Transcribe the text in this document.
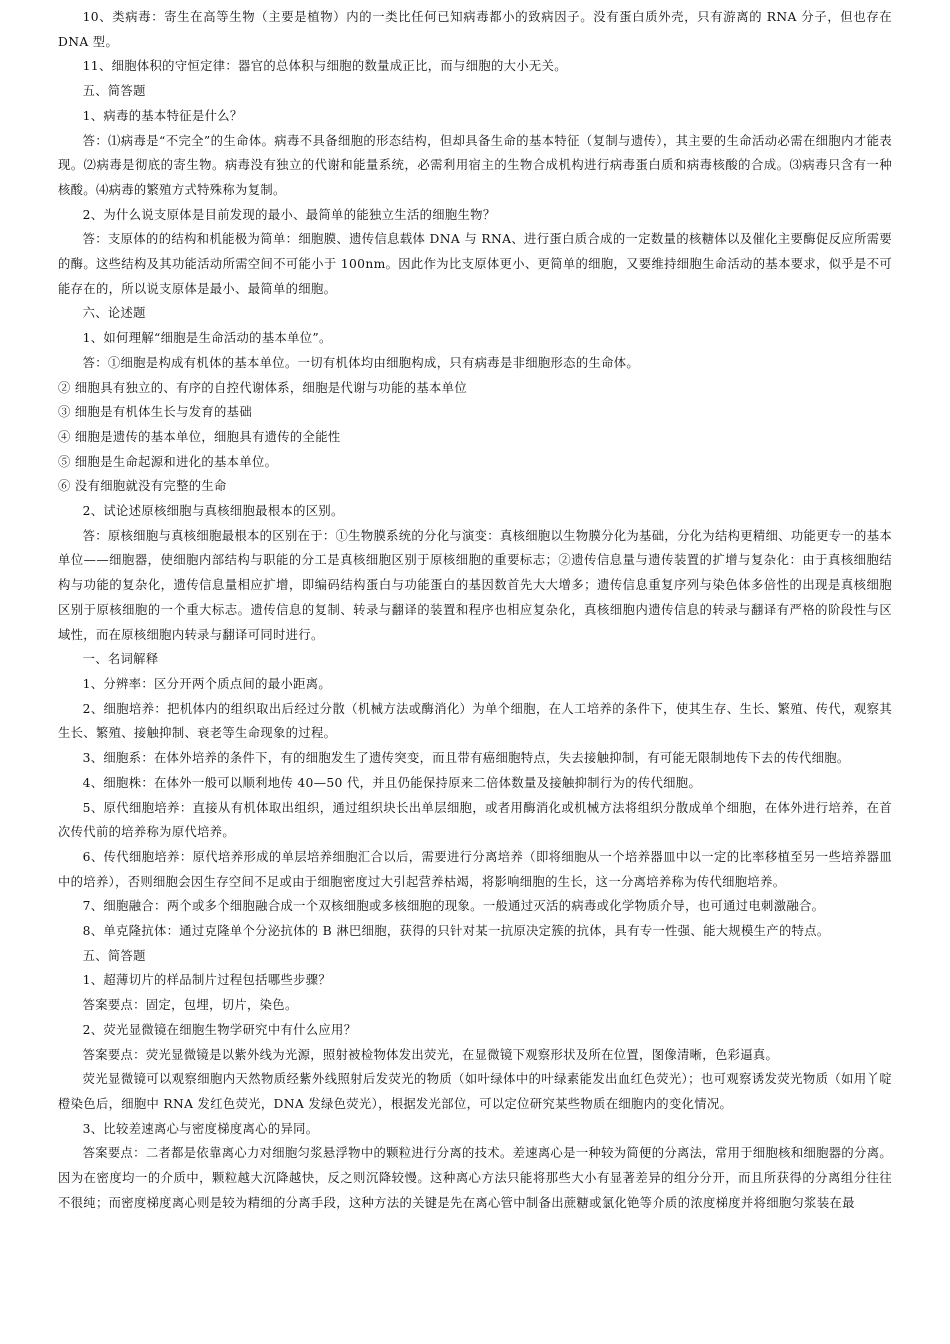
10、类病毒：寄生在高等生物（主要是植物）内的一类比任何已知病毒都小的致病因子。没有蛋白质外壳，只有游离的 RNA 分子，但也存在 DNA 型。

11、细胞体积的守恒定律：器官的总体积与细胞的数量成正比，而与细胞的大小无关。

五、简答题

1、病毒的基本特征是什么？

答：⑴病毒是“不完全”的生命体。病毒不具备细胞的形态结构，但却具备生命的基本特征（复制与遗传），其主要的生命活动必需在细胞内才能表现。⑵病毒是彻底的寄生物。病毒没有独立的代谢和能量系统，必需利用宿主的生物合成机构进行病毒蛋白质和病毒核酸的合成。⑶病毒只含有一种核酸。⑷病毒的繁殖方式特殊称为复制。

2、为什么说支原体是目前发现的最小、最简单的能独立生活的细胞生物？

答：支原体的的结构和机能极为简单：细胞膜、遗传信息载体 DNA 与 RNA、进行蛋白质合成的一定数量的核糖体以及催化主要酶促反应所需要的酶。这些结构及其功能活动所需空间不可能小于 100nm。因此作为比支原体更小、更简单的细胞，又要维持细胞生命活动的基本要求，似乎是不可能存在的，所以说支原体是最小、最简单的细胞。

六、论述题

1、如何理解“细胞是生命活动的基本单位”。

答：①细胞是构成有机体的基本单位。一切有机体均由细胞构成，只有病毒是非细胞形态的生命体。

② 细胞具有独立的、有序的自控代谢体系，细胞是代谢与功能的基本单位

③ 细胞是有机体生长与发育的基础

④ 细胞是遗传的基本单位，细胞具有遗传的全能性

⑤ 细胞是生命起源和进化的基本单位。

⑥ 没有细胞就没有完整的生命

2、试论述原核细胞与真核细胞最根本的区别。

答：原核细胞与真核细胞最根本的区别在于：①生物膜系统的分化与演变：真核细胞以生物膜分化为基础，分化为结构更精细、功能更专一的基本单位——细胞器，使细胞内部结构与职能的分工是真核细胞区别于原核细胞的重要标志；②遗传信息量与遗传装置的扩增与复杂化：由于真核细胞结构与功能的复杂化，遗传信息量相应扩增，即编码结构蛋白与功能蛋白的基因数首先大大增多；遗传信息重复序列与染色体多倍性的出现是真核细胞区别于原核细胞的一个重大标志。遗传信息的复制、转录与翻译的装置和程序也相应复杂化，真核细胞内遗传信息的转录与翻译有严格的阶段性与区域性，而在原核细胞内转录与翻译可同时进行。

一、名词解释

1、分辨率：区分开两个质点间的最小距离。

2、细胞培养：把机体内的组织取出后经过分散（机械方法或酶消化）为单个细胞，在人工培养的条件下，使其生存、生长、繁殖、传代，观察其生长、繁殖、接触抑制、衰老等生命现象的过程。

3、细胞系：在体外培养的条件下，有的细胞发生了遗传突变，而且带有癌细胞特点，失去接触抑制，有可能无限制地传下去的传代细胞。

4、细胞株：在体外一般可以顺利地传 40—50 代，并且仍能保持原来二倍体数量及接触抑制行为的传代细胞。

5、原代细胞培养：直接从有机体取出组织，通过组织块长出单层细胞，或者用酶消化或机械方法将组织分散成单个细胞，在体外进行培养，在首次传代前的培养称为原代培养。

6、传代细胞培养：原代培养形成的单层培养细胞汇合以后，需要进行分离培养（即将细胞从一个培养器皿中以一定的比率移植至另一些培养器皿中的培养），否则细胞会因生存空间不足或由于细胞密度过大引起营养枯竭，将影响细胞的生长，这一分离培养称为传代细胞培养。

7、细胞融合：两个或多个细胞融合成一个双核细胞或多核细胞的现象。一般通过灭活的病毒或化学物质介导，也可通过电刺激融合。

8、单克隆抗体：通过克隆单个分泌抗体的 B 淋巴细胞，获得的只针对某一抗原决定簇的抗体，具有专一性强、能大规模生产的特点。

五、简答题

1、超薄切片的样品制片过程包括哪些步骤？

答案要点：固定，包埋，切片，染色。

2、荧光显微镜在细胞生物学研究中有什么应用？

答案要点：荧光显微镜是以紫外线为光源，照射被检物体发出荧光，在显微镜下观察形状及所在位置，图像清晰，色彩逼真。

荧光显微镜可以观察细胞内天然物质经紫外线照射后发荧光的物质（如叶绿体中的叶绿素能发出血红色荧光）；也可观察诱发荧光物质（如用丫啶橙染色后，细胞中 RNA 发红色荧光，DNA 发绿色荧光），根据发光部位，可以定位研究某些物质在细胞内的变化情况。

3、比较差速离心与密度梯度离心的异同。

答案要点：二者都是依靠离心力对细胞匀浆悬浮物中的颗粒进行分离的技术。差速离心是一种较为简便的分离法，常用于细胞核和细胞器的分离。因为在密度均一的介质中，颗粒越大沉降越快，反之则沉降较慢。这种离心方法只能将那些大小有显著差异的组分分开，而且所获得的分离组分往往不很纯；而密度梯度离心则是较为精细的分离手段，这种方法的关键是先在离心管中制备出蔗糖或氯化铯等介质的浓度梯度并将细胞匀浆装在最
